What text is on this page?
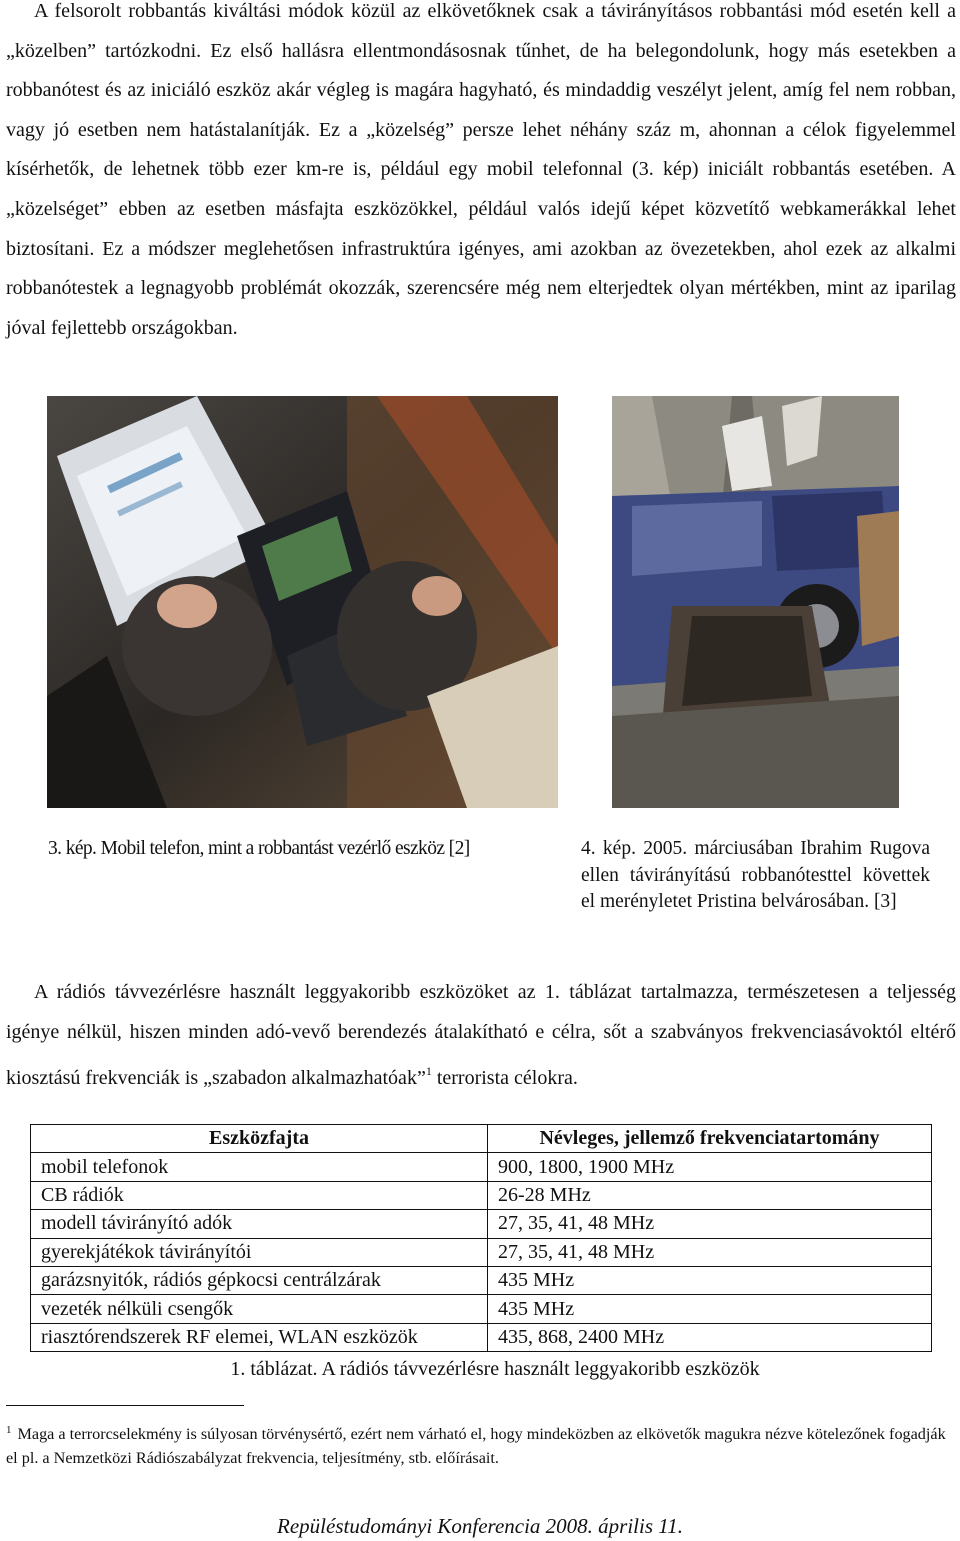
A felsorolt robbantás kiváltási módok közül az elkövetőknek csak a távirányításos robbantási mód esetén kell a „közelben” tartózkodni. Ez első hallásra ellentmondásosnak tűnhet, de ha belegondolunk, hogy más esetekben a robbanótest és az iniciáló eszköz akár végleg is magára hagyható, és mindaddig veszélyt jelent, amíg fel nem robban, vagy jó esetben nem hatástalanítják. Ez a „közelség” persze lehet néhány száz m, ahonnan a célok figyelemmel kísérhetők, de lehetnek több ezer km-re is, például egy mobil telefonnal (3. kép) iniciált robbantás esetében. A „közelséget” ebben az esetben másfajta eszközökkel, például valós idejű képet közvetítő webkamerákkal lehet biztosítani. Ez a módszer meglehetősen infrastruktúra igényes, ami azokban az övezetekben, ahol ezek az alkalmi robbanótestek a legnagyobb problémát okozzák, szerencsére még nem elterjedtek olyan mértékben, mint az iparilag jóval fejlettebb országokban.

3. kép. Mobil telefon, mint a robbantást vezérlő eszköz [2]	4. kép. 2005. márciusában Ibrahim Rugova ellen távirányítású robbanótesttel követtek el merényletet Pristina belvárosában. [3]

A rádiós távvezérlésre használt leggyakoribb eszközöket az 1. táblázat tartalmazza, természetesen a teljesség igénye nélkül, hiszen minden adó-vevő berendezés átalakítható e célra, sőt a szabványos frekvenciasávoktól eltérő kiosztású frekvenciák is „szabadon alkalmazhatóak”$^1$ terrorista célokra.

Eszközfajta	Névleges, jellemző frekvenciatartomány
mobil telefonok	900, 1800, 1900 MHz
CB rádiók	26-28 MHz
modell távirányító adók	27, 35, 41, 48 MHz
gyerekjátékok távirányítói	27, 35, 41, 48 MHz
garázsnyitók, rádiós gépkocsi centrálzárak	435 MHz
vezeték nélküli csengők	435 MHz
riasztórendszerek RF elemei, WLAN eszközök	435, 868, 2400 MHz

1. táblázat. A rádiós távvezérlésre használt leggyakoribb eszközök

$^1$ Maga a terrorcselekmény is súlyosan törvénysértő, ezért nem várható el, hogy mindeközben az elkövetők magukra nézve kötelezőnek fogadják el pl. a Nemzetközi Rádiószabályzat frekvencia, teljesítmény, stb. előírásait.

Repüléstudományi Konferencia 2008. április 11.
